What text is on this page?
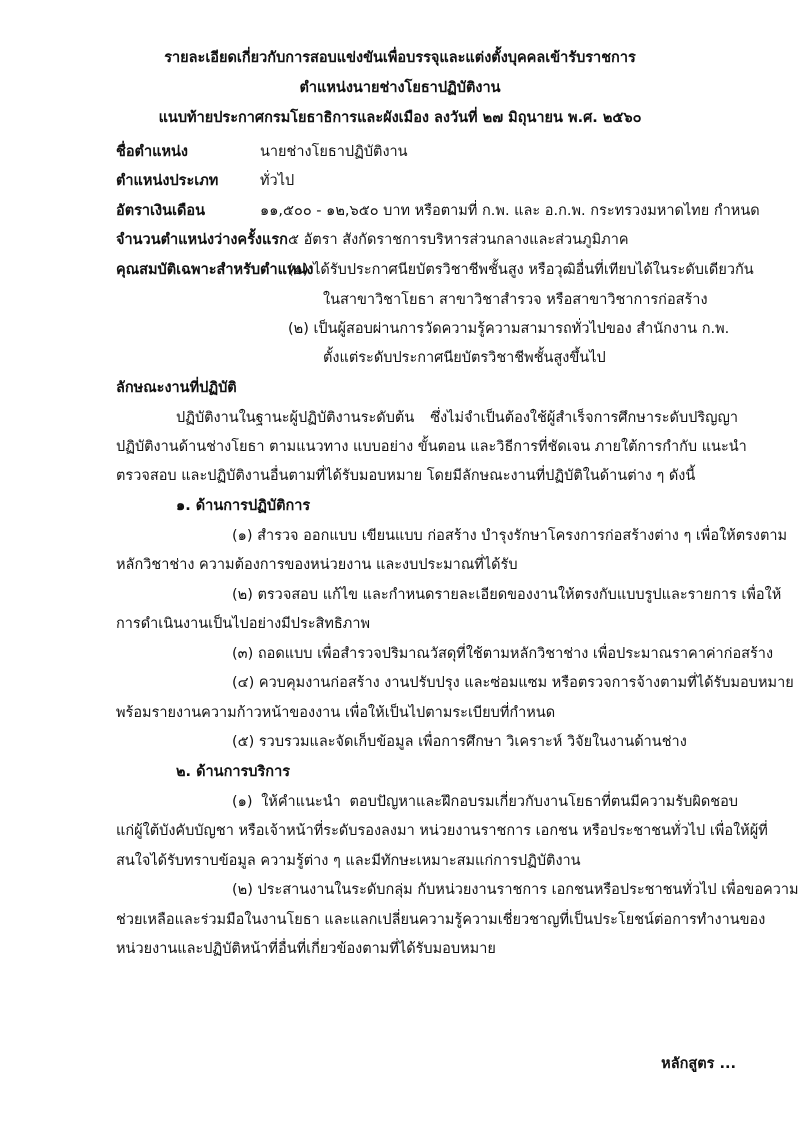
รายละเอียดเกี่ยวกับการสอบแข่งขันเพื่อบรรจุและแต่งตั้งบุคคลเข้ารับราชการ
ตำแหน่งนายช่างโยธาปฏิบัติงาน
แนบท้ายประกาศกรมโยธาธิการและผังเมือง ลงวันที่ ๒๗ มิถุนายน พ.ศ. ๒๕๖๐
ชื่อตำแหน่ง	นายช่างโยธาปฏิบัติงาน
ตำแหน่งประเภท	ทั่วไป
อัตราเงินเดือน	๑๑,๕๐๐ - ๑๒,๖๕๐ บาท หรือตามที่ ก.พ. และ อ.ก.พ. กระทรวงมหาดไทย กำหนด
จำนวนตำแหน่งว่างครั้งแรก ๕ อัตรา สังกัดราชการบริหารส่วนกลางและส่วนภูมิภาค
คุณสมบัติเฉพาะสำหรับตำแหน่ง
(๑) ได้รับประกาศนียบัตรวิชาชีพชั้นสูง หรือวุฒิอื่นที่เทียบได้ในระดับเดียวกัน
ในสาขาวิชาโยธา สาขาวิชาสำรวจ หรือสาขาวิชาการก่อสร้าง
(๒) เป็นผู้สอบผ่านการวัดความรู้ความสามารถทั่วไปของ สำนักงาน ก.พ.
ตั้งแต่ระดับประกาศนียบัตรวิชาชีพชั้นสูงขึ้นไป
ลักษณะงานที่ปฏิบัติ
ปฏิบัติงานในฐานะผู้ปฏิบัติงานระดับต้น ซึ่งไม่จำเป็นต้องใช้ผู้สำเร็จการศึกษาระดับปริญญา
ปฏิบัติงานด้านช่างโยธา ตามแนวทาง แบบอย่าง ขั้นตอน และวิธีการที่ชัดเจน ภายใต้การกำกับ แนะนำ
ตรวจสอบ และปฏิบัติงานอื่นตามที่ได้รับมอบหมาย โดยมีลักษณะงานที่ปฏิบัติในด้านต่าง ๆ ดังนี้
๑. ด้านการปฏิบัติการ
(๑) สำรวจ ออกแบบ เขียนแบบ ก่อสร้าง บำรุงรักษาโครงการก่อสร้างต่าง ๆ เพื่อให้ตรงตาม
หลักวิชาช่าง ความต้องการของหน่วยงาน และงบประมาณที่ได้รับ
(๒) ตรวจสอบ แก้ไข และกำหนดรายละเอียดของงานให้ตรงกับแบบรูปและรายการ เพื่อให้
การดำเนินงานเป็นไปอย่างมีประสิทธิภาพ
(๓) ถอดแบบ เพื่อสำรวจปริมาณวัสดุที่ใช้ตามหลักวิชาช่าง เพื่อประมาณราคาค่าก่อสร้าง
(๔) ควบคุมงานก่อสร้าง งานปรับปรุง และซ่อมแซม หรือตรวจการจ้างตามที่ได้รับมอบหมาย
พร้อมรายงานความก้าวหน้าของงาน เพื่อให้เป็นไปตามระเบียบที่กำหนด
(๕) รวบรวมและจัดเก็บข้อมูล เพื่อการศึกษา วิเคราะห์ วิจัยในงานด้านช่าง
๒. ด้านการบริการ
(๑) ให้คำแนะนำ ตอบปัญหาและฝึกอบรมเกี่ยวกับงานโยธาที่ตนมีความรับผิดชอบ
แก่ผู้ใต้บังคับบัญชา หรือเจ้าหน้าที่ระดับรองลงมา หน่วยงานราชการ เอกชน หรือประชาชนทั่วไป เพื่อให้ผู้ที่
สนใจได้รับทราบข้อมูล ความรู้ต่าง ๆ และมีทักษะเหมาะสมแก่การปฏิบัติงาน
(๒) ประสานงานในระดับกลุ่ม กับหน่วยงานราชการ เอกชนหรือประชาชนทั่วไป เพื่อขอความ
ช่วยเหลือและร่วมมือในงานโยธา และแลกเปลี่ยนความรู้ความเชี่ยวชาญที่เป็นประโยชน์ต่อการทำงานของ
หน่วยงานและปฏิบัติหน้าที่อื่นที่เกี่ยวข้องตามที่ได้รับมอบหมาย
หลักสูตร ...
